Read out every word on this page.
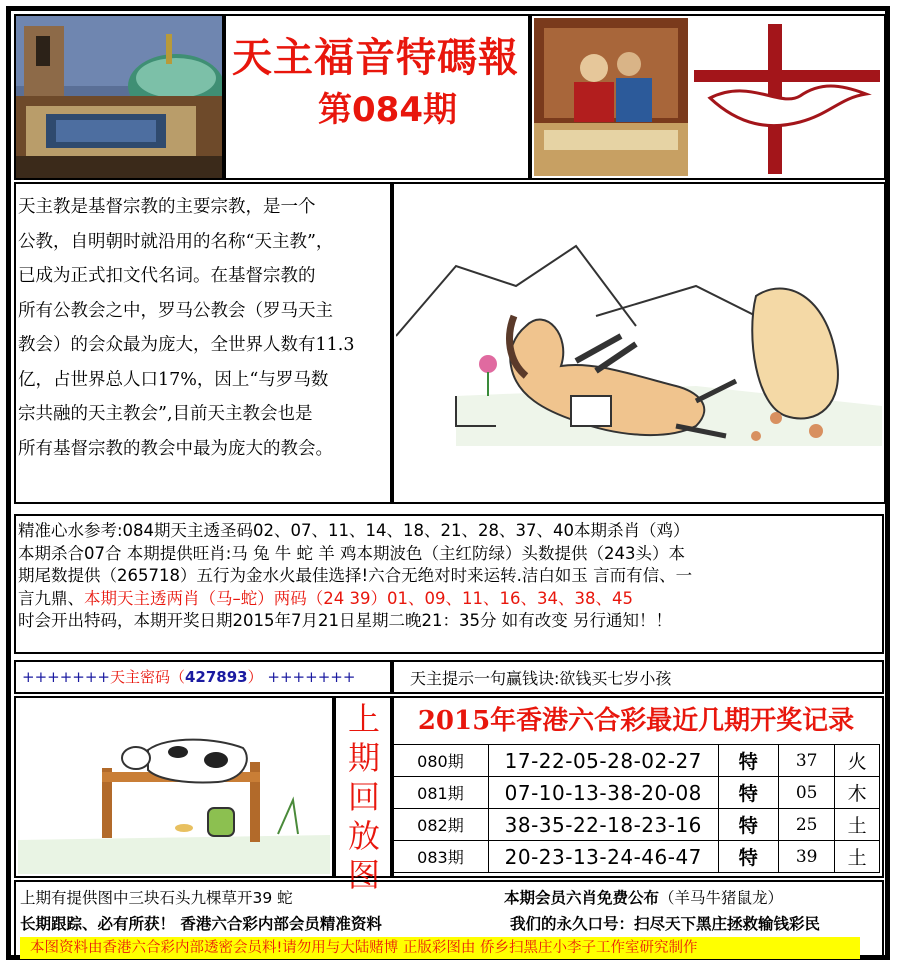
天主福音特碼報
第084期

天主教是基督宗教的主要宗教，是一个

公教，自明朝时就沿用的名称“天主教”，

已成为正式扣文代名词。在基督宗教的

所有公教会之中，罗马公教会（罗马天主

教会）的会众最为庞大，全世界人数有11.3

亿，占世界总人口17%，因上“与罗马数

宗共融的天主教会”,目前天主教会也是

所有基督宗教的教会中最为庞大的教会。

精准心水参考:084期天主透圣码02、07、11、14、18、21、28、37、40本期杀肖（鸡）
本期杀合07合 本期提供旺肖:马 兔 牛 蛇 羊 鸡本期波色（主红防绿）头数提供（243头）本
期尾数提供（265718）五行为金水火最佳选择!六合无绝对时来运转.洁白如玉 言而有信、一
言九鼎、本期天主透两肖（马–蛇）两码（24 39）01、09、11、16、34、38、45
时会开出特码，本期开奖日期2015年7月21日星期二晚21：35分 如有改变 另行通知！！
+++++++天主密码（427893） +++++++	天主提示一句赢钱诀:欲钱买七岁小孩
上期回放图
2015年香港六合彩最近几期开奖记录
080期	17-22-05-28-02-27	特	37	火
081期	07-10-13-38-20-08	特	05	木
082期	38-35-22-18-23-16	特	25	土
083期	20-23-13-24-46-47	特	39	土
上期有提供图中三块石头九棵草开39 蛇	本期会员六肖免费公布（羊马牛猪鼠龙）
长期跟踪、必有所获！ 香港六合彩内部会员精准资料	我们的永久口号：扫尽天下黑庄拯救输钱彩民
本图资料由香港六合彩内部透密会员料!请勿用与大陆赌博 正版彩图由 侨乡扫黑庄小李子工作室研究制作
